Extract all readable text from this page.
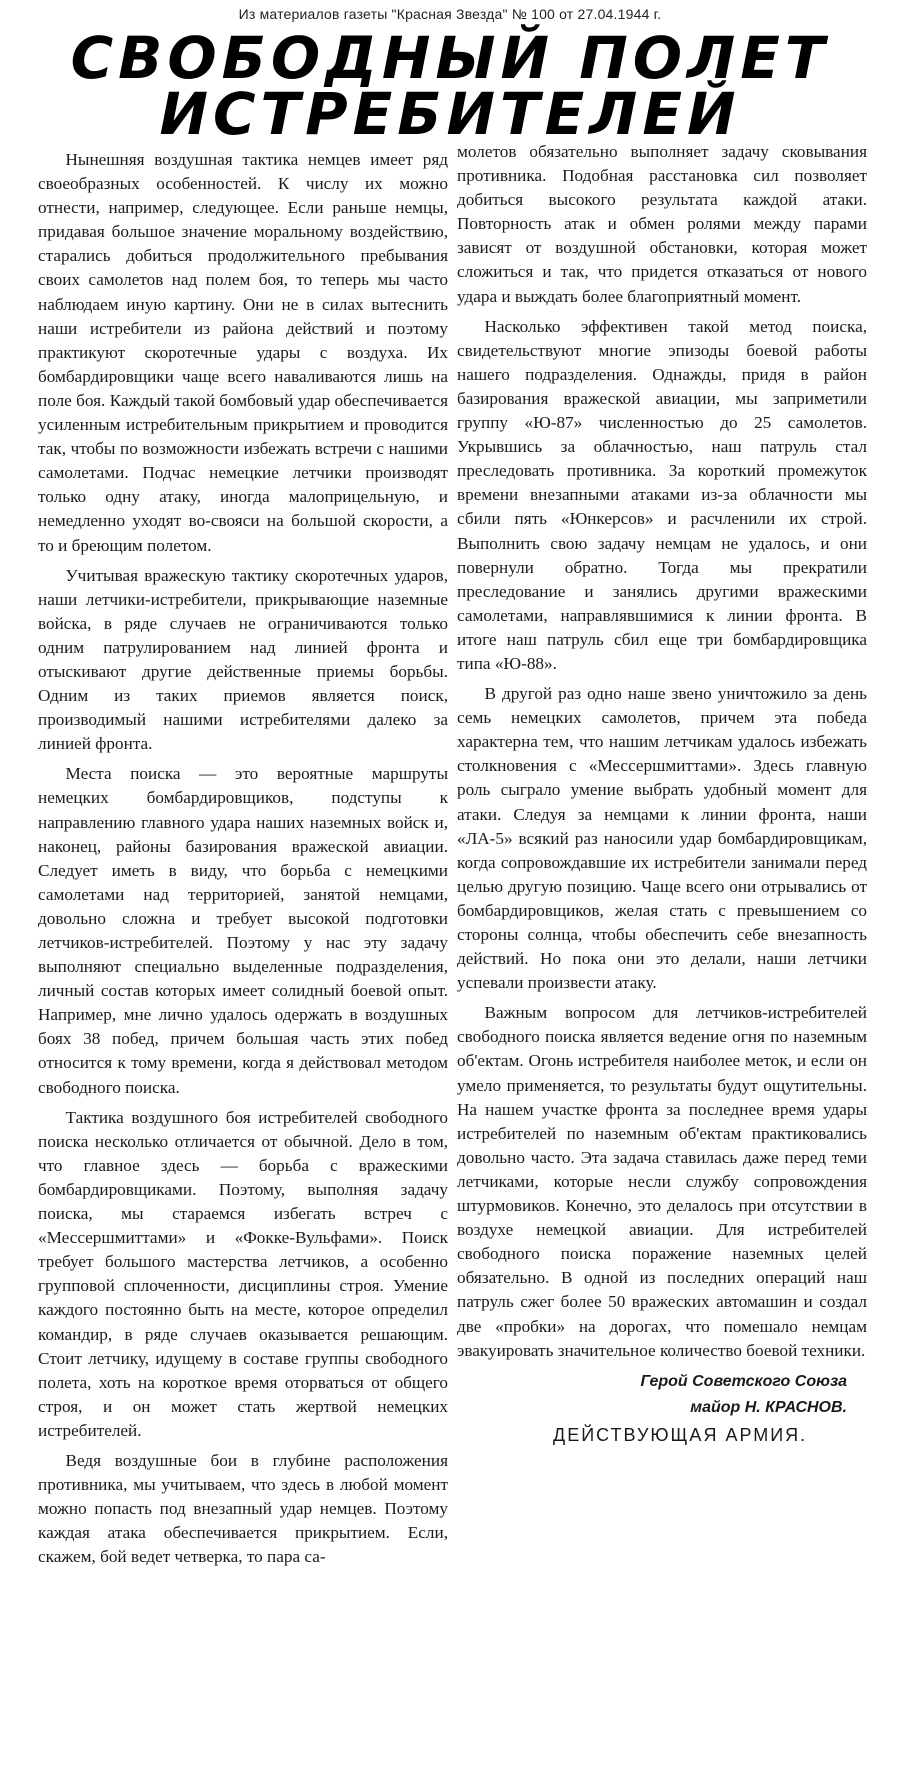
Из материалов газеты "Красная Звезда" № 100 от 27.04.1944 г.
СВОБОДНЫЙ ПОЛЕТ
ИСТРЕБИТЕЛЕЙ

Нынешняя воздушная тактика немцев имеет ряд своеобразных особенностей. К числу их можно отнести, например, следующее. Если раньше немцы, придавая большое значение моральному воздействию, старались добиться продолжительного пребывания своих самолетов над полем боя, то теперь мы часто наблюдаем иную картину. Они не в силах вытеснить наши истребители из района действий и поэтому практикуют скоротечные удары с воздуха. Их бомбардировщики чаще всего наваливаются лишь на поле боя. Каждый такой бомбовый удар обеспечивается усиленным истребительным прикрытием и проводится так, чтобы по возможности избежать встречи с нашими самолетами. Подчас немецкие летчики производят только одну атаку, иногда малоприцельную, и немедленно уходят во-свояси на большой скорости, а то и бреющим полетом.

Учитывая вражескую тактику скоротечных ударов, наши летчики-истребители, прикрывающие наземные войска, в ряде случаев не ограничиваются только одним патрулированием над линией фронта и отыскивают другие действенные приемы борьбы. Одним из таких приемов является поиск, производимый нашими истребителями далеко за линией фронта.

Места поиска — это вероятные маршруты немецких бомбардировщиков, подступы к направлению главного удара наших наземных войск и, наконец, районы базирования вражеской авиации. Следует иметь в виду, что борьба с немецкими самолетами над территорией, занятой немцами, довольно сложна и требует высокой подготовки летчиков-истребителей. Поэтому у нас эту задачу выполняют специально выделенные подразделения, личный состав которых имеет солидный боевой опыт. Например, мне лично удалось одержать в воздушных боях 38 побед, причем большая часть этих побед относится к тому времени, когда я действовал методом свободного поиска.

Тактика воздушного боя истребителей свободного поиска несколько отличается от обычной. Дело в том, что главное здесь — борьба с вражескими бомбардировщиками. Поэтому, выполняя задачу поиска, мы стараемся избегать встреч с «Мессершмиттами» и «Фокке-Вульфами». Поиск требует большого мастерства летчиков, а особенно групповой сплоченности, дисциплины строя. Умение каждого постоянно быть на месте, которое определил командир, в ряде случаев оказывается решающим. Стоит летчику, идущему в составе группы свободного полета, хоть на короткое время оторваться от общего строя, и он может стать жертвой немецких истребителей.

Ведя воздушные бои в глубине расположения противника, мы учитываем, что здесь в любой момент можно попасть под внезапный удар немцев. Поэтому каждая атака обеспечивается прикрытием. Если, скажем, бой ведет четверка, то пара са-

молетов обязательно выполняет задачу сковывания противника. Подобная расстановка сил позволяет добиться высокого результата каждой атаки. Повторность атак и обмен ролями между парами зависят от воздушной обстановки, которая может сложиться и так, что придется отказаться от нового удара и выждать более благоприятный момент.

Насколько эффективен такой метод поиска, свидетельствуют многие эпизоды боевой работы нашего подразделения. Однажды, придя в район базирования вражеской авиации, мы заприметили группу «Ю-87» численностью до 25 самолетов. Укрывшись за облачностью, наш патруль стал преследовать противника. За короткий промежуток времени внезапными атаками из-за облачности мы сбили пять «Юнкерсов» и расчленили их строй. Выполнить свою задачу немцам не удалось, и они повернули обратно. Тогда мы прекратили преследование и занялись другими вражескими самолетами, направлявшимися к линии фронта. В итоге наш патруль сбил еще три бомбардировщика типа «Ю-88».

В другой раз одно наше звено уничтожило за день семь немецких самолетов, причем эта победа характерна тем, что нашим летчикам удалось избежать столкновения с «Мессершмиттами». Здесь главную роль сыграло умение выбрать удобный момент для атаки. Следуя за немцами к линии фронта, наши «ЛА-5» всякий раз наносили удар бомбардировщикам, когда сопровождавшие их истребители занимали перед целью другую позицию. Чаще всего они отрывались от бомбардировщиков, желая стать с превышением со стороны солнца, чтобы обеспечить себе внезапность действий. Но пока они это делали, наши летчики успевали произвести атаку.

Важным вопросом для летчиков-истребителей свободного поиска является ведение огня по наземным об'ектам. Огонь истребителя наиболее меток, и если он умело применяется, то результаты будут ощутительны. На нашем участке фронта за последнее время удары истребителей по наземным об'ектам практиковались довольно часто. Эта задача ставилась даже перед теми летчиками, которые несли службу сопровождения штурмовиков. Конечно, это делалось при отсутствии в воздухе немецкой авиации. Для истребителей свободного поиска поражение наземных целей обязательно. В одной из последних операций наш патруль сжег более 50 вражеских автомашин и создал две «пробки» на дорогах, что помешало немцам эвакуировать значительное количество боевой техники.

Герой Советского Союза
майор Н. КРАСНОВ.
ДЕЙСТВУЮЩАЯ АРМИЯ.
